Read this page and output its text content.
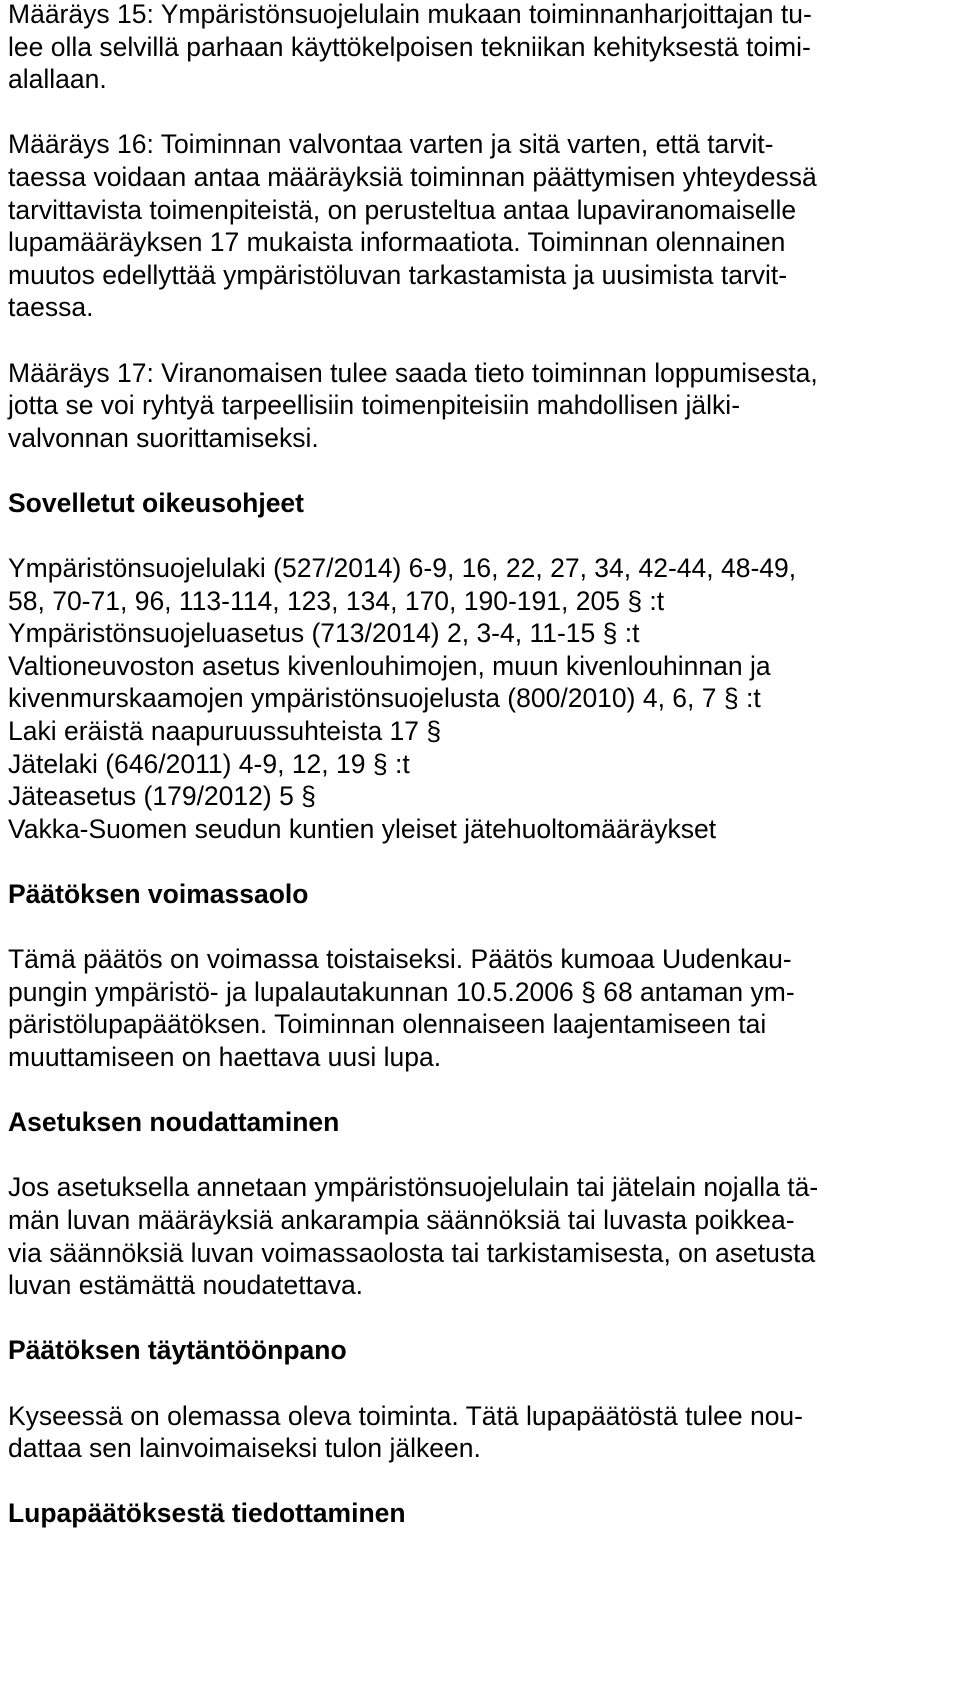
Määräys 15: Ympäristönsuojelulain mukaan toiminnanharjoittajan tu-
lee olla selvillä parhaan käyttökelpoisen tekniikan kehityksestä toimi-
alallaan.
Määräys 16: Toiminnan valvontaa varten ja sitä varten, että tarvit-
taessa voidaan antaa määräyksiä toiminnan päättymisen yhteydessä
tarvittavista toimenpiteistä, on perusteltua antaa lupaviranomaiselle
lupamääräyksen 17 mukaista informaatiota. Toiminnan olennainen
muutos edellyttää ympäristöluvan tarkastamista ja uusimista tarvit-
taessa.
Määräys 17: Viranomaisen tulee saada tieto toiminnan loppumisesta,
jotta se voi ryhtyä tarpeellisiin toimenpiteisiin mahdollisen jälki-
valvonnan suorittamiseksi.
Sovelletut oikeusohjeet
Ympäristönsuojelulaki (527/2014) 6-9, 16, 22, 27, 34, 42-44, 48-49,
58, 70-71, 96, 113-114, 123, 134, 170, 190-191, 205 § :t
Ympäristönsuojeluasetus (713/2014) 2, 3-4, 11-15 § :t
Valtioneuvoston asetus kivenlouhimojen, muun kivenlouhinnan ja
kivenmurskaamojen ympäristönsuojelusta (800/2010) 4, 6, 7 § :t
Laki eräistä naapuruussuhteista 17 §
Jätelaki (646/2011) 4-9, 12, 19 § :t
Jäteasetus (179/2012) 5 §
Vakka-Suomen seudun kuntien yleiset jätehuoltomääräykset
Päätöksen voimassaolo
Tämä päätös on voimassa toistaiseksi. Päätös kumoaa Uudenkau-
pungin ympäristö- ja lupalautakunnan 10.5.2006 § 68 antaman ym-
päristölupapäätöksen. Toiminnan olennaiseen laajentamiseen tai
muuttamiseen on haettava uusi lupa.
Asetuksen noudattaminen
Jos asetuksella annetaan ympäristönsuojelulain tai jätelain nojalla tä-
män luvan määräyksiä ankarampia säännöksiä tai luvasta poikkea-
via säännöksiä luvan voimassaolosta tai tarkistamisesta, on asetusta
luvan estämättä noudatettava.
Päätöksen täytäntöönpano
Kyseessä on olemassa oleva toiminta. Tätä lupapäätöstä tulee nou-
dattaa sen lainvoimaiseksi tulon jälkeen.
Lupapäätöksestä tiedottaminen
